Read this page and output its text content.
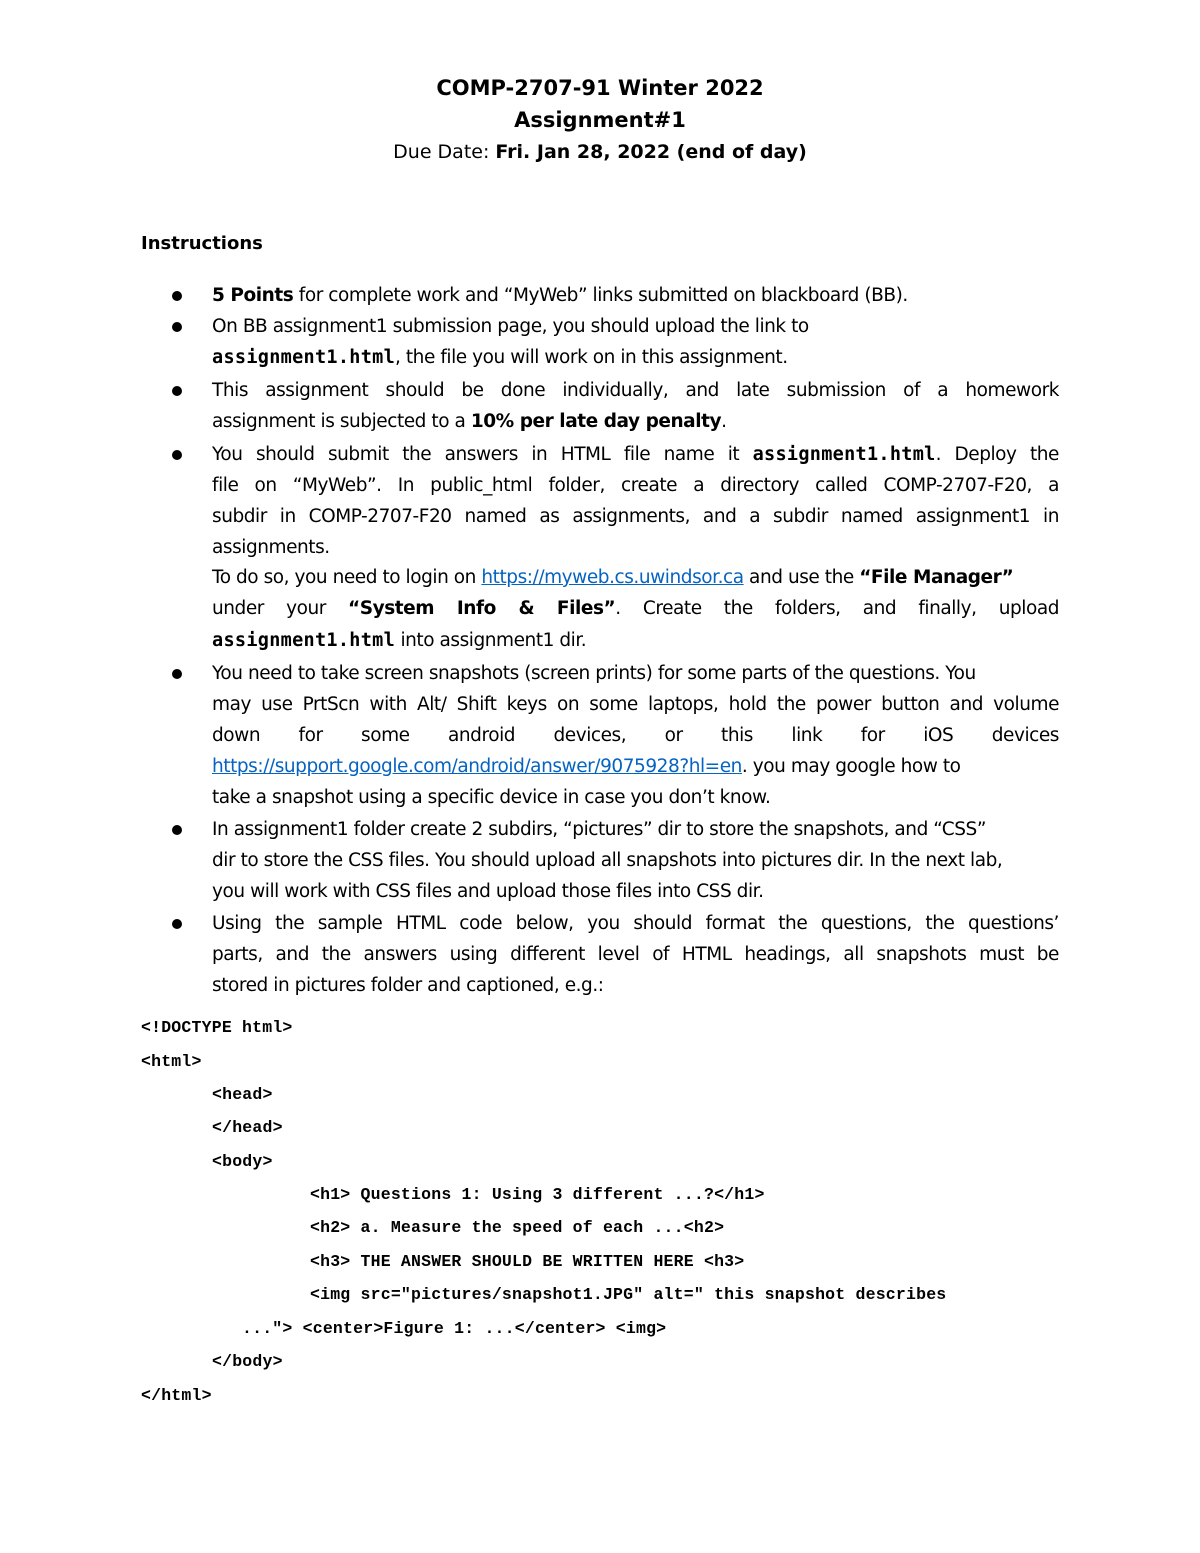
COMP-2707-91 Winter 2022
Assignment#1
Due Date: Fri. Jan 28, 2022 (end of day)
Instructions
5 Points for complete work and “MyWeb” links submitted on blackboard (BB).
On BB assignment1 submission page, you should upload the link to
assignment1.html, the file you will work on in this assignment.
This assignment should be done individually, and late submission of a homework
assignment is subjected to a 10% per late day penalty.
You should submit the answers in HTML file name it assignment1.html. Deploy the
file on “MyWeb”. In public_html folder, create a directory called COMP-2707-F20, a
subdir in COMP-2707-F20 named as assignments, and a subdir named assignment1 in
assignments.
To do so, you need to login on https://myweb.cs.uwindsor.ca and use the “File Manager”
under your “System Info & Files”. Create the folders, and finally, upload
assignment1.html into assignment1 dir.
You need to take screen snapshots (screen prints) for some parts of the questions. You
may use PrtScn with Alt/ Shift keys on some laptops, hold the power button and volume
down for some android devices, or this link for iOS devices
https://support.google.com/android/answer/9075928?hl=en. you may google how to
take a snapshot using a specific device in case you don’t know.
In assignment1 folder create 2 subdirs, “pictures” dir to store the snapshots, and “CSS”
dir to store the CSS files. You should upload all snapshots into pictures dir. In the next lab,
you will work with CSS files and upload those files into CSS dir.
Using the sample HTML code below, you should format the questions, the questions’
parts, and the answers using different level of HTML headings, all snapshots must be
stored in pictures folder and captioned, e.g.:
<!DOCTYPE html>
<html>
<head>
</head>
<body>
<h1> Questions 1: Using 3 different ...?</h1>
<h2> a. Measure the speed of each ...<h2>
<h3> THE ANSWER SHOULD BE WRITTEN HERE <h3>
<img src="pictures/snapshot1.JPG" alt=" this snapshot describes
..."> <center>Figure 1: ...</center> <img>
</body>
</html>
